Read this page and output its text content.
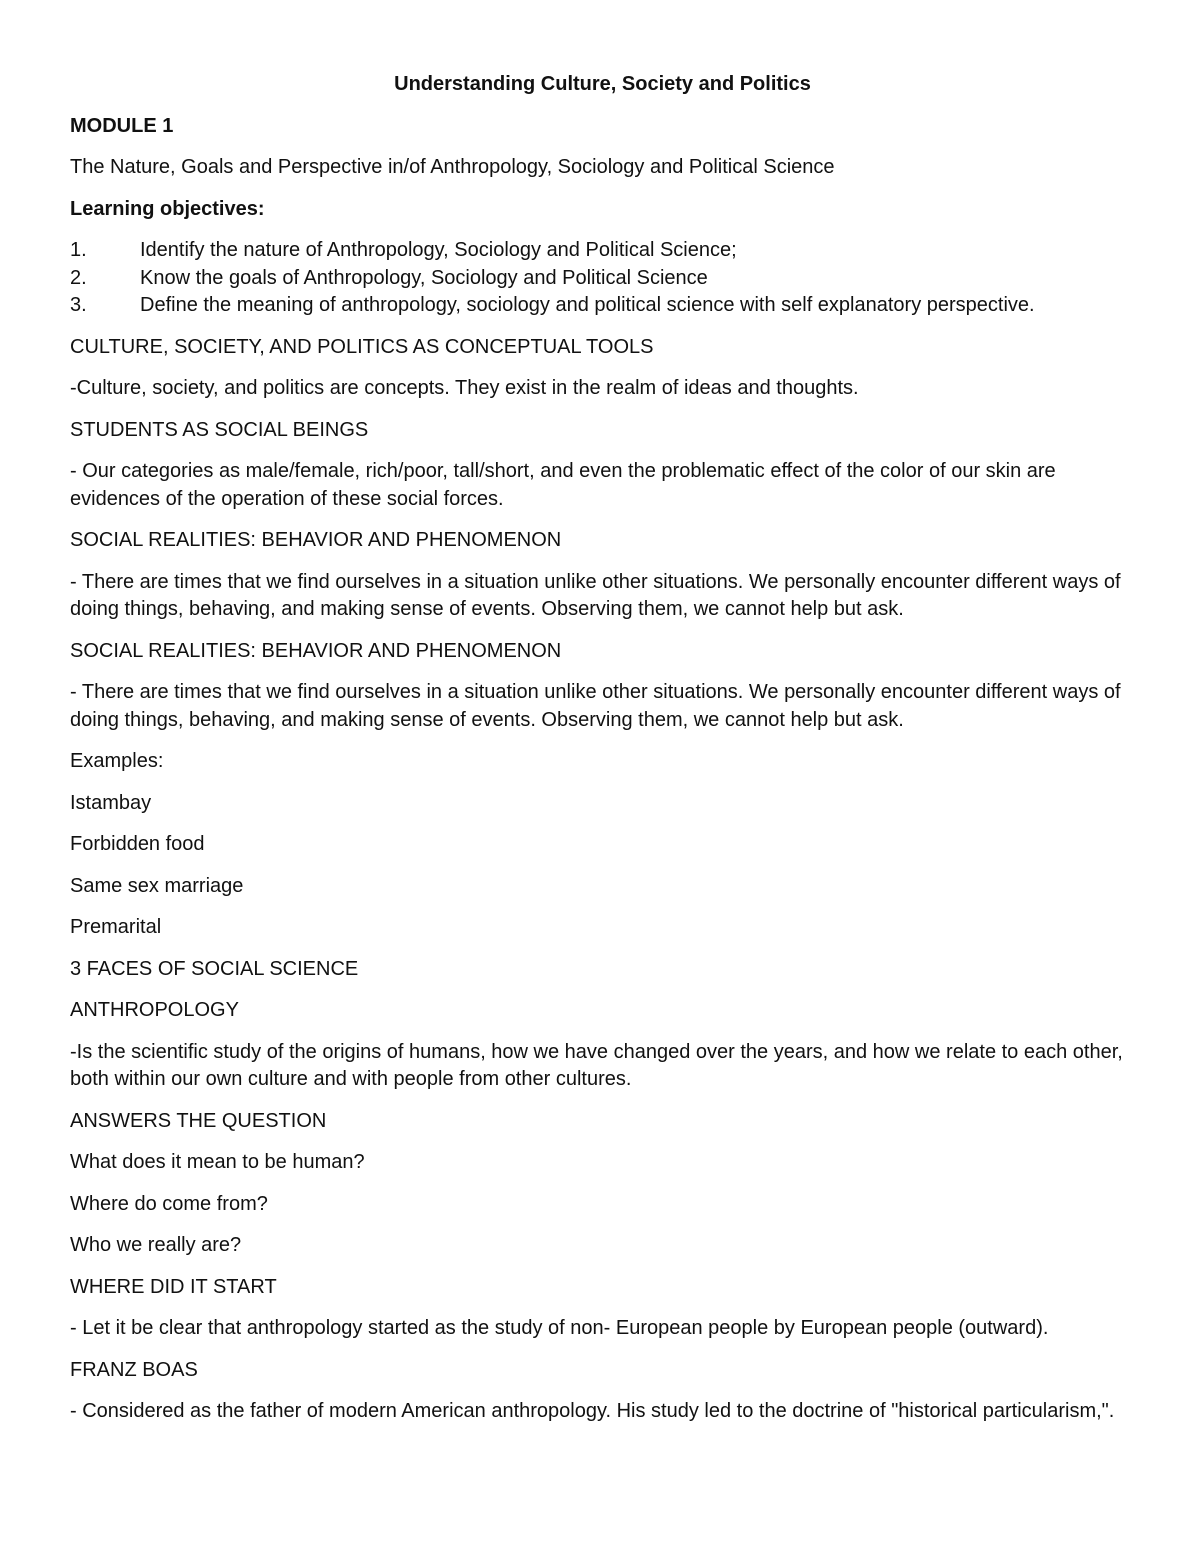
Understanding Culture, Society and Politics
MODULE 1

The Nature, Goals and Perspective in/of Anthropology, Sociology and Political Science

Learning objectives:

1.	Identify the nature of Anthropology, Sociology and Political Science;
2.	Know the goals of Anthropology, Sociology and Political Science
3.	Define the meaning of anthropology, sociology and political science with self explanatory perspective.

CULTURE, SOCIETY, AND POLITICS AS CONCEPTUAL TOOLS

-Culture, society, and politics are concepts. They exist in the realm of ideas and thoughts.

STUDENTS AS SOCIAL BEINGS

- Our categories as male/female, rich/poor, tall/short, and even the problematic effect of the color of our skin are evidences of the operation of these social forces.

SOCIAL REALITIES: BEHAVIOR AND PHENOMENON

- There are times that we find ourselves in a situation unlike other situations. We personally encounter different ways of doing things, behaving, and making sense of events. Observing them, we cannot help but ask.

SOCIAL REALITIES: BEHAVIOR AND PHENOMENON

- There are times that we find ourselves in a situation unlike other situations. We personally encounter different ways of doing things, behaving, and making sense of events. Observing them, we cannot help but ask.

Examples:

Istambay

Forbidden food

Same sex marriage

Premarital

3 FACES OF SOCIAL SCIENCE

ANTHROPOLOGY

-Is the scientific study of the origins of humans, how we have changed over the years, and how we relate to each other, both within our own culture and with people from other cultures.

ANSWERS THE QUESTION

What does it mean to be human?

Where do come from?

Who we really are?

WHERE DID IT START

- Let it be clear that anthropology started as the study of non- European people by European people (outward).

FRANZ BOAS

- Considered as the father of modern American anthropology. His study led to the doctrine of "historical particularism,".
